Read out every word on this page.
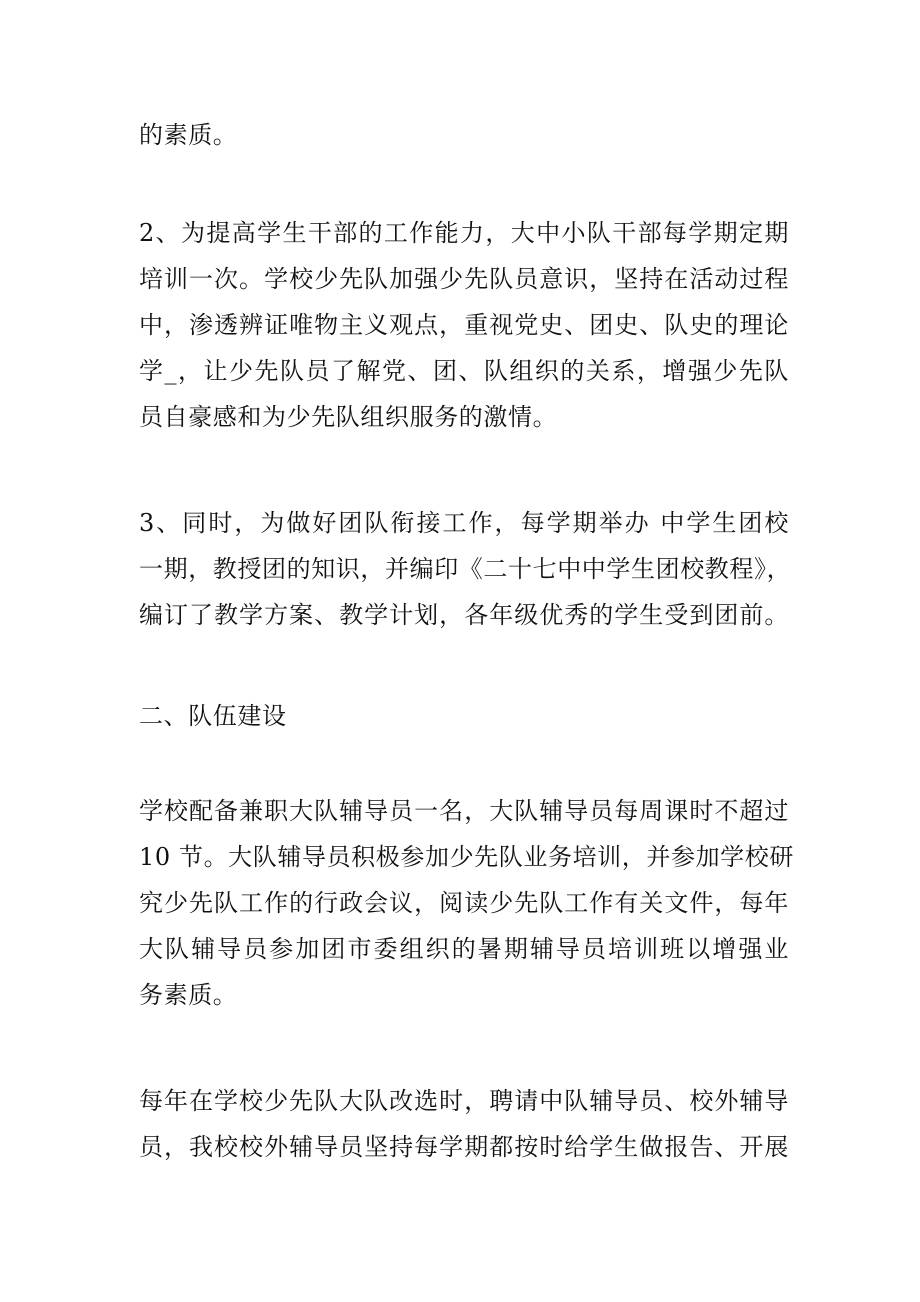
的素质。
2、为提高学生干部的工作能力，大中小队干部每学期定期
培训一次。学校少先队加强少先队员意识，坚持在活动过程
中，渗透辨证唯物主义观点，重视党史、团史、队史的理论
学_，让少先队员了解党、团、队组织的关系，增强少先队
员自豪感和为少先队组织服务的激情。
3、同时，为做好团队衔接工作，每学期举办 中学生团校
一期，教授团的知识，并编印《二十七中中学生团校教程》，
编订了教学方案、教学计划，各年级优秀的学生受到团前。
二、队伍建设
学校配备兼职大队辅导员一名，大队辅导员每周课时不超过
10 节。大队辅导员积极参加少先队业务培训，并参加学校研
究少先队工作的行政会议，阅读少先队工作有关文件，每年
大队辅导员参加团市委组织的暑期辅导员培训班以增强业
务素质。
每年在学校少先队大队改选时，聘请中队辅导员、校外辅导
员，我校校外辅导员坚持每学期都按时给学生做报告、开展
